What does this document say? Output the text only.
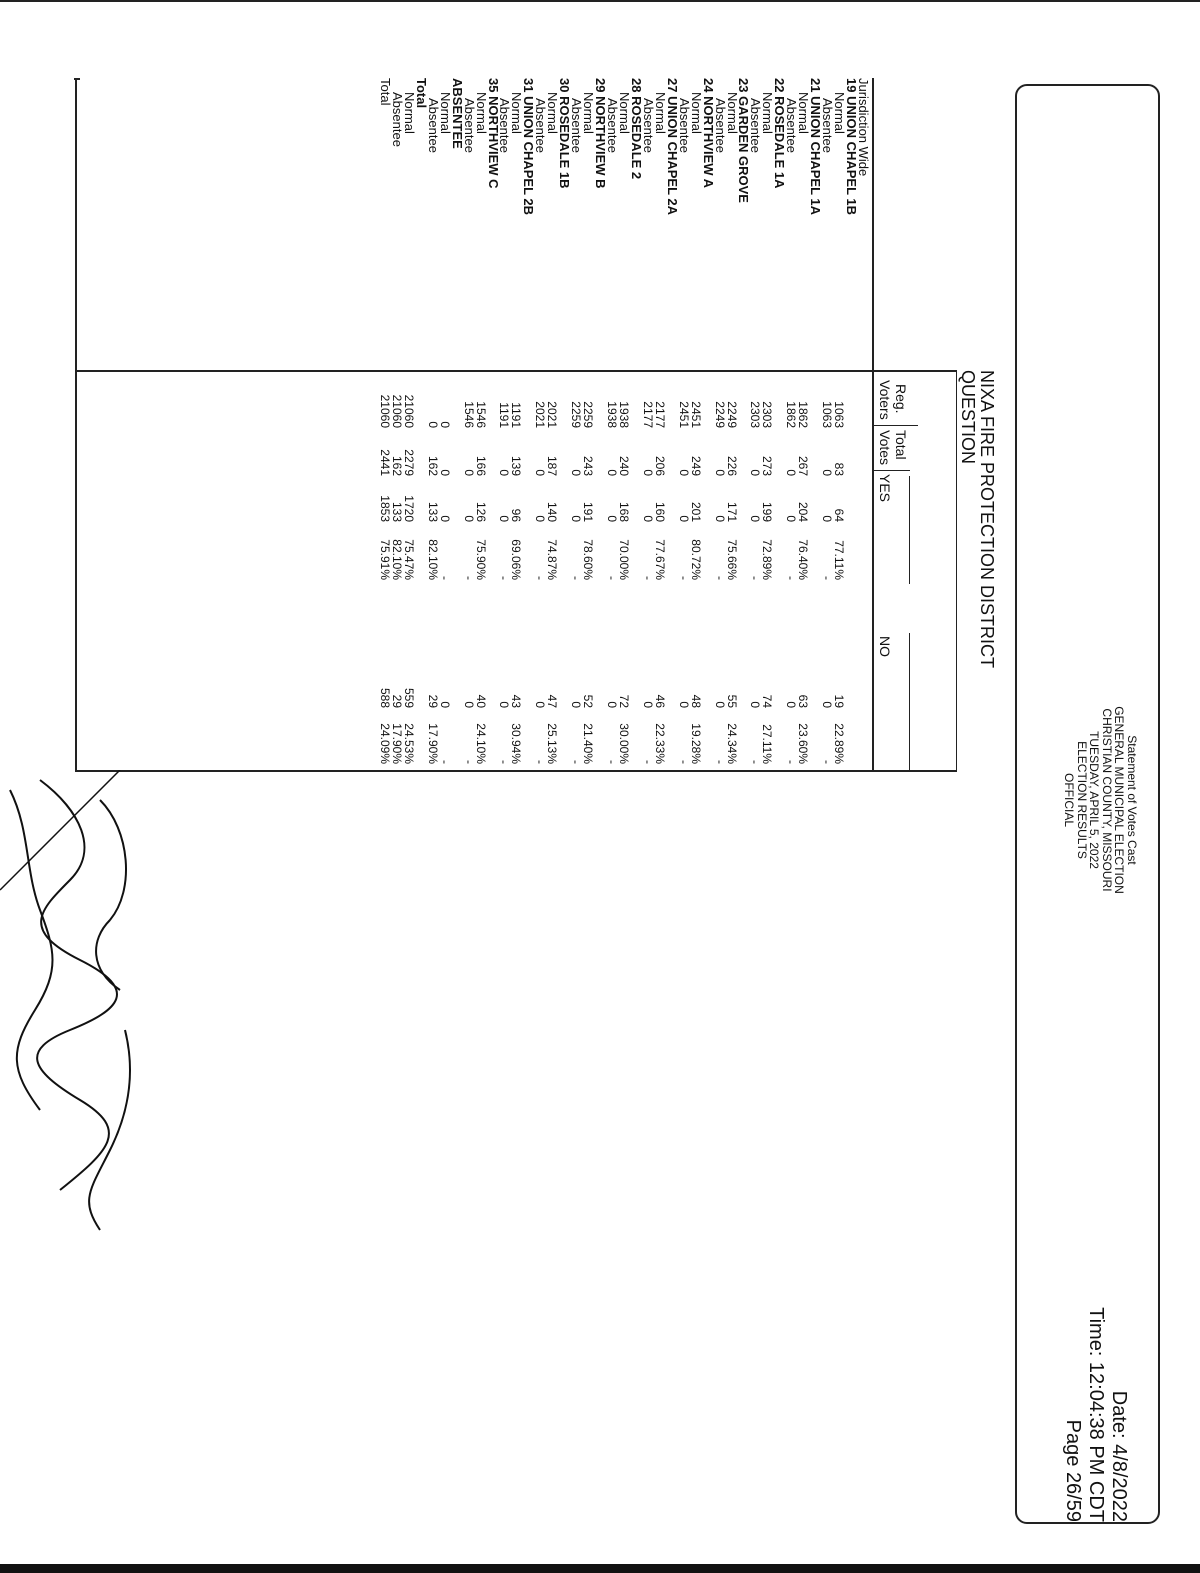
Statement of Votes Cast
GENERAL MUNICIPAL ELECTION
CHRISTIAN COUNTY, MISSOURI
TUESDAY, APRIL 5, 2022
ELECTION RESULTS
OFFICIAL
Date: 4/8/2022
Time: 12:04:38 PM CDT
Page 26/59
NIXA FIRE PROTECTION DISTRICT
QUESTION
Reg.
Voters
Total
Votes
YES
NO
Jurisdiction Wide
19 UNION CHAPEL 1B
Normal
1063
83
64
77.11%
19
22.89%
Absentee
1063
0
0
-
0
-
21 UNION CHAPEL 1A
Normal
1862
267
204
76.40%
63
23.60%
Absentee
1862
0
0
-
0
-
22 ROSEDALE 1A
Normal
2303
273
199
72.89%
74
27.11%
Absentee
2303
0
0
-
0
-
23 GARDEN GROVE
Normal
2249
226
171
75.66%
55
24.34%
Absentee
2249
0
0
-
0
-
24 NORTHVIEW A
Normal
2451
249
201
80.72%
48
19.28%
Absentee
2451
0
0
-
0
-
27 UNION CHAPEL 2A
Normal
2177
206
160
77.67%
46
22.33%
Absentee
2177
0
0
-
0
-
28 ROSEDALE 2
Normal
1938
240
168
70.00%
72
30.00%
Absentee
1938
0
0
-
0
-
29 NORTHVIEW B
Normal
2259
243
191
78.60%
52
21.40%
Absentee
2259
0
0
-
0
-
30 ROSEDALE 1B
Normal
2021
187
140
74.87%
47
25.13%
Absentee
2021
0
0
-
0
-
31 UNION CHAPEL 2B
Normal
1191
139
96
69.06%
43
30.94%
Absentee
1191
0
0
-
0
-
35 NORTHVIEW C
Normal
1546
166
126
75.90%
40
24.10%
Absentee
1546
0
0
-
0
-
ABSENTEE
Normal
0
0
0
-
0
-
Absentee
0
162
133
82.10%
29
17.90%
Total
Normal
21060
2279
1720
75.47%
559
24.53%
Absentee
21060
162
133
82.10%
29
17.90%
Total
21060
2441
1853
75.91%
588
24.09%
